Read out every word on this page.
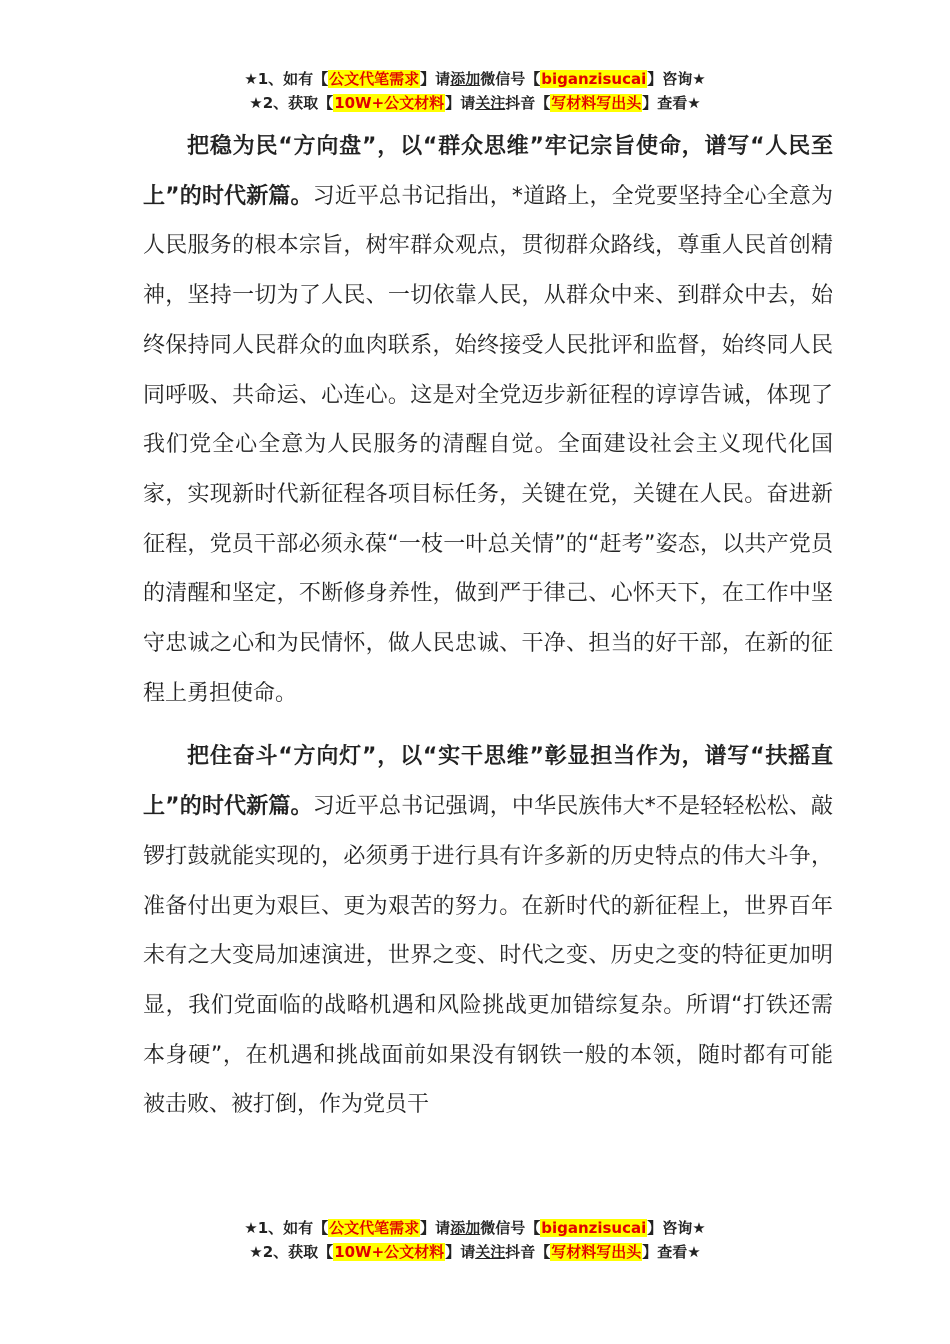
★1、如有【公文代笔需求】请添加微信号【biganzisucai】咨询★
★2、获取【10W+公文材料】请关注抖音【写材料写出头】查看★

把稳为民“方向盘”，以“群众思维”牢记宗旨使命，谱写“人民至上”的时代新篇。习近平总书记指出，*道路上，全党要坚持全心全意为人民服务的根本宗旨，树牢群众观点，贯彻群众路线，尊重人民首创精神，坚持一切为了人民、一切依靠人民，从群众中来、到群众中去，始终保持同人民群众的血肉联系，始终接受人民批评和监督，始终同人民同呼吸、共命运、心连心。这是对全党迈步新征程的谆谆告诫，体现了我们党全心全意为人民服务的清醒自觉。全面建设社会主义现代化国家，实现新时代新征程各项目标任务，关键在党，关键在人民。奋进新征程，党员干部必须永葆“一枝一叶总关情”的“赶考”姿态，以共产党员的清醒和坚定，不断修身养性，做到严于律己、心怀天下，在工作中坚守忠诚之心和为民情怀，做人民忠诚、干净、担当的好干部，在新的征程上勇担使命。

把住奋斗“方向灯”，以“实干思维”彰显担当作为，谱写“扶摇直上”的时代新篇。习近平总书记强调，中华民族伟大*不是轻轻松松、敲锣打鼓就能实现的，必须勇于进行具有许多新的历史特点的伟大斗争，准备付出更为艰巨、更为艰苦的努力。在新时代的新征程上，世界百年未有之大变局加速演进，世界之变、时代之变、历史之变的特征更加明显，我们党面临的战略机遇和风险挑战更加错综复杂。所谓“打铁还需本身硬”，在机遇和挑战面前如果没有钢铁一般的本领，随时都有可能被击败、被打倒，作为党员干

★1、如有【公文代笔需求】请添加微信号【biganzisucai】咨询★
★2、获取【10W+公文材料】请关注抖音【写材料写出头】查看★
